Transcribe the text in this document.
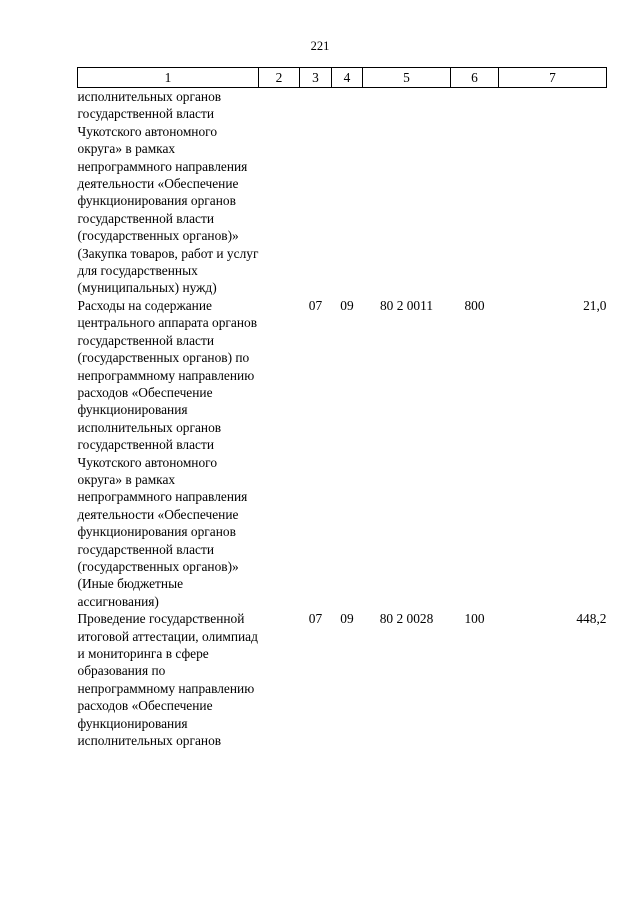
221
1	2	3	4	5	6	7
исполнительных органов государственной власти Чукотского автономного округа» в рамках непрограммного направления деятельности «Обеспечение функционирования органов государственной власти (государственных органов)» (Закупка товаров, работ и услуг для государственных (муниципальных) нужд)						
Расходы на содержание центрального аппарата органов государственной власти (государственных органов) по непрограммному направлению расходов «Обеспечение функционирования исполнительных органов государственной власти Чукотского автономного округа» в рамках непрограммного направления деятельности «Обеспечение функционирования органов государственной власти (государственных органов)» (Иные бюджетные ассигнования)		07	09	80 2 0011	800	21,0
Проведение государственной итоговой аттестации, олимпиад и мониторинга в сфере образования по непрограммному направлению расходов «Обеспечение функционирования исполнительных органов		07	09	80 2 0028	100	448,2
